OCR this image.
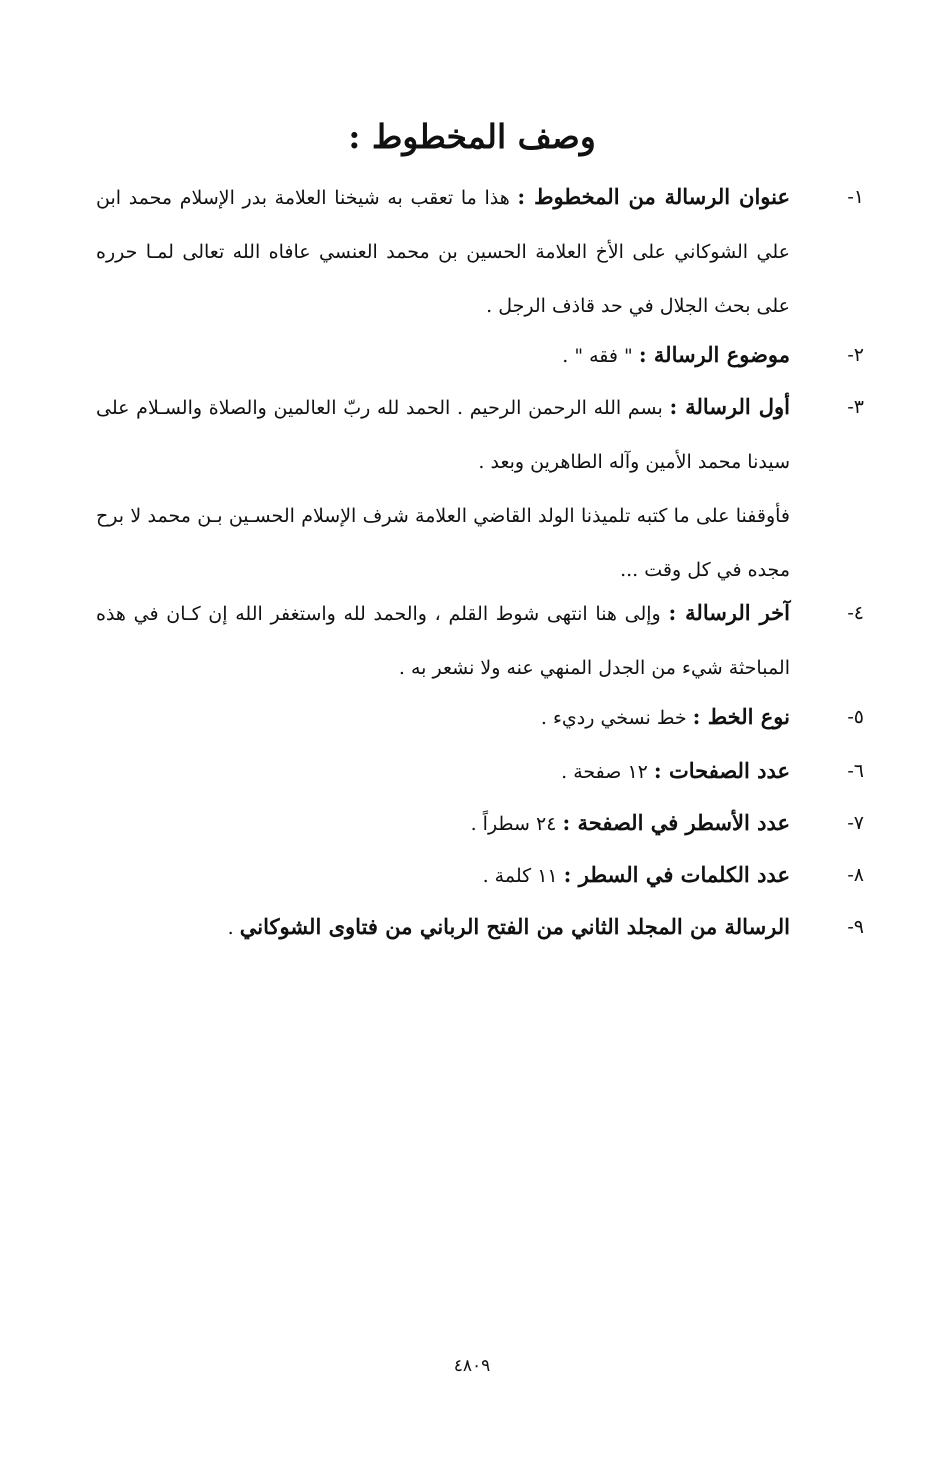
وصف المخطوط :
١-
عنوان الرسالة من المخطوط : هذا ما تعقب به شيخنا العلامة بدر الإسلام محمد ابن علي الشوكاني على الأخ العلامة الحسين بن محمد العنسي عافاه الله تعالى لمـا حرره على بحث الجلال في حد قاذف الرجل .
٢-
موضوع الرسالة : " فقه " .
٣-

أول الرسالة : بسم الله الرحمن الرحيم . الحمد لله ربّ العالمين والصلاة والسـلام على سيدنا محمد الأمين وآله الطاهرين وبعد .

فأوقفنا على ما كتبه تلميذنا الولد القاضي العلامة شرف الإسلام الحسـين بـن محمد لا برح مجده في كل وقت ...

٤-
آخر الرسالة : وإلى هنا انتهى شوط القلم ، والحمد لله واستغفر الله إن كـان في هذه المباحثة شيء من الجدل المنهي عنه ولا نشعر به .
٥-
نوع الخط : خط نسخي رديء .
٦-
عدد الصفحات : ١٢ صفحة .
٧-
عدد الأسطر في الصفحة : ٢٤ سطراً .
٨-
عدد الكلمات في السطر : ١١ كلمة .
٩-
الرسالة من المجلد الثاني من الفتح الرباني من فتاوى الشوكاني .
٤٨٠٩
